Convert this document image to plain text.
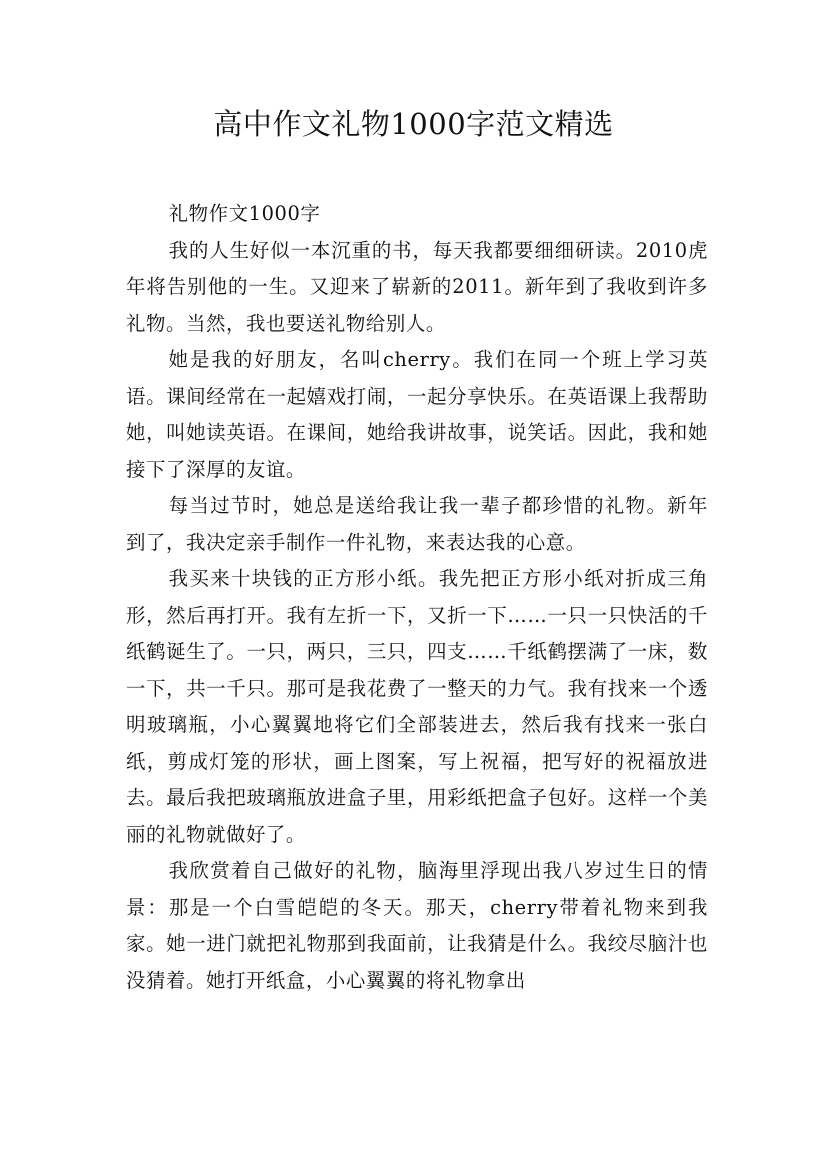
高中作文礼物1000字范文精选

礼物作文1000字

我的人生好似一本沉重的书，每天我都要细细研读。2010虎年将告别他的一生。又迎来了崭新的2011。新年到了我收到许多礼物。当然，我也要送礼物给别人。

她是我的好朋友，名叫cherry。我们在同一个班上学习英语。课间经常在一起嬉戏打闹，一起分享快乐。在英语课上我帮助她，叫她读英语。在课间，她给我讲故事，说笑话。因此，我和她接下了深厚的友谊。

每当过节时，她总是送给我让我一辈子都珍惜的礼物。新年到了，我决定亲手制作一件礼物，来表达我的心意。

我买来十块钱的正方形小纸。我先把正方形小纸对折成三角形，然后再打开。我有左折一下，又折一下……一只一只快活的千纸鹤诞生了。一只，两只，三只，四支……千纸鹤摆满了一床，数一下，共一千只。那可是我花费了一整天的力气。我有找来一个透明玻璃瓶，小心翼翼地将它们全部装进去，然后我有找来一张白纸，剪成灯笼的形状，画上图案，写上祝福，把写好的祝福放进去。最后我把玻璃瓶放进盒子里，用彩纸把盒子包好。这样一个美丽的礼物就做好了。

我欣赏着自己做好的礼物，脑海里浮现出我八岁过生日的情景：那是一个白雪皑皑的冬天。那天，cherry带着礼物来到我家。她一进门就把礼物那到我面前，让我猜是什么。我绞尽脑汁也没猜着。她打开纸盒，小心翼翼的将礼物拿出
